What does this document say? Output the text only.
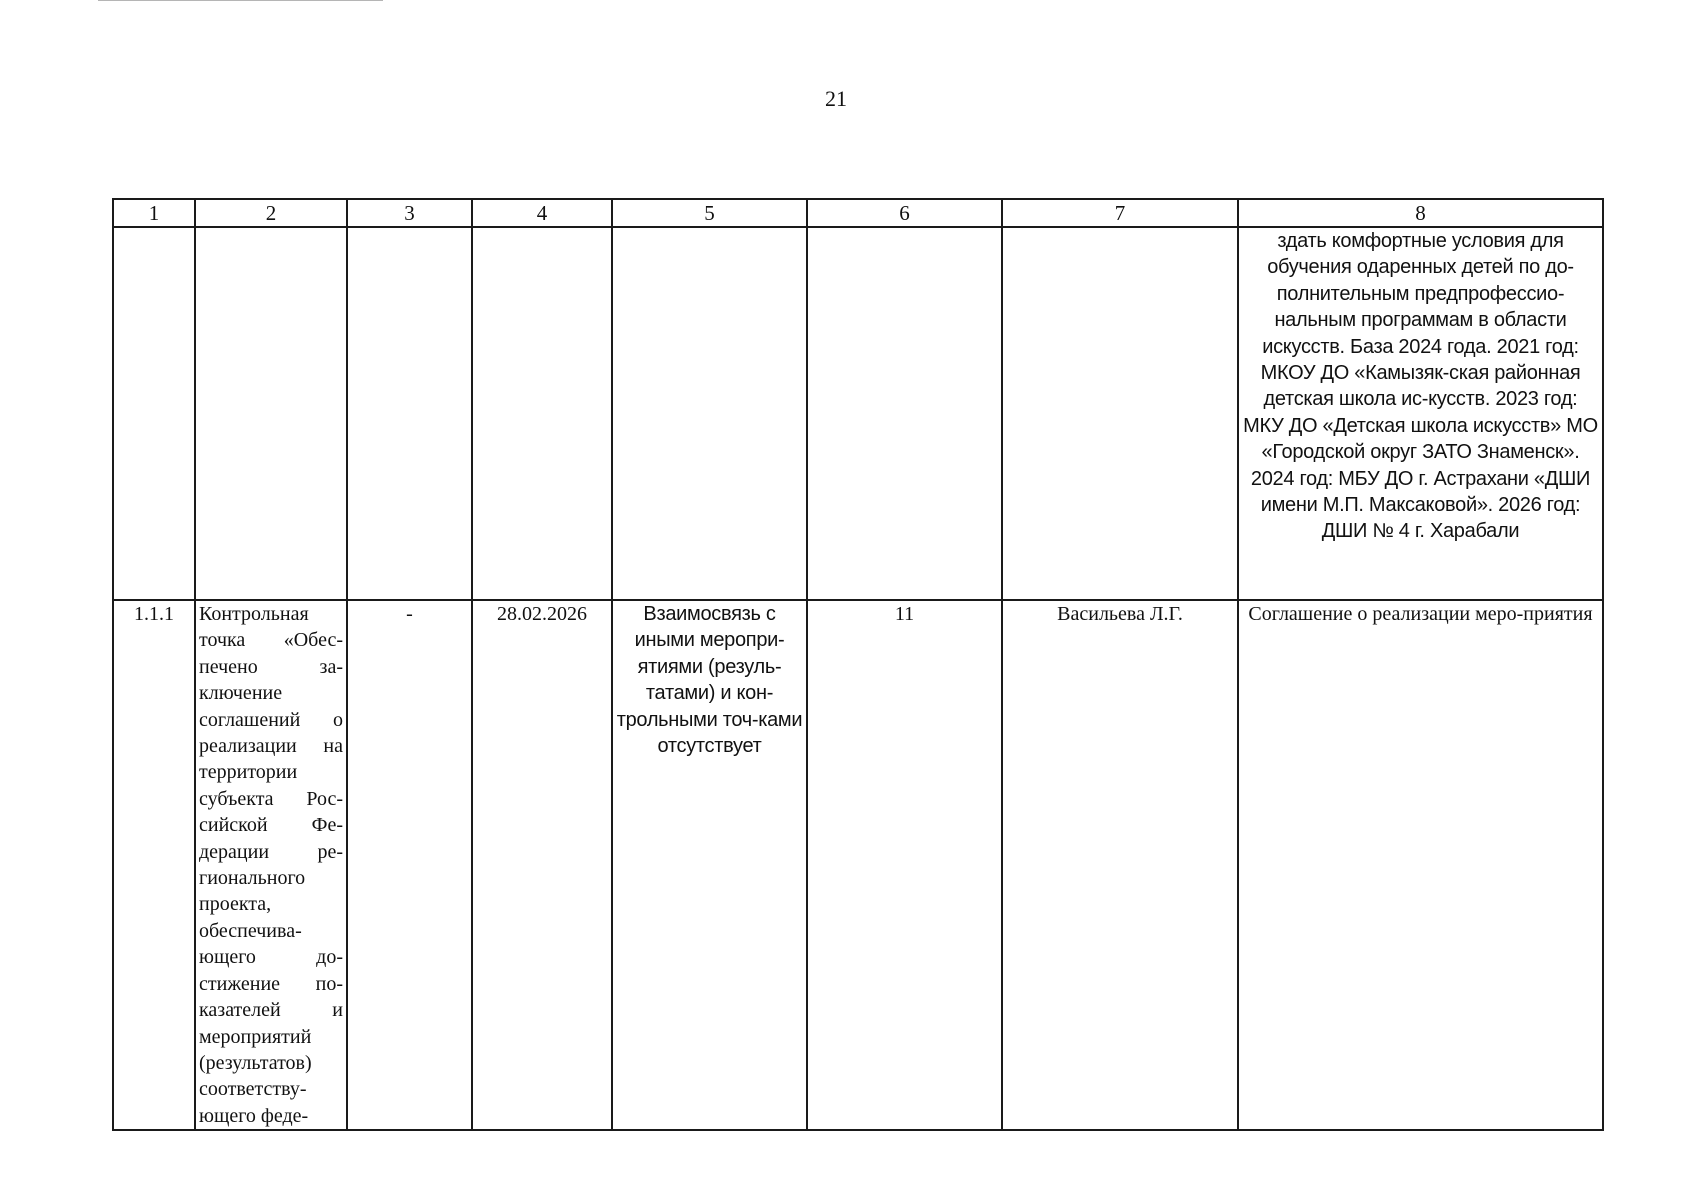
21
1	2	3	4	5	6	7	8
							здать комфортные условия для обучения одаренных детей по до-полнительным предпрофессио-нальным программам в области искусств. База 2024 года. 2021 год: МКОУ ДО «Камызяк-ская районная детская школа ис-кусств. 2023 год: МКУ ДО «Детская школа искусств» МО «Городской округ ЗАТО Знаменск». 2024 год: МБУ ДО г. Астрахани «ДШИ имени М.П. Максаковой». 2026 год: ДШИ № 4 г. Харабали
1.1.1	Контрольная точка «Обес-печено за-ключение соглашений о реализации на территории субъекта Рос-сийской Фе-дерации ре-гионального проекта, обеспечива-ющего до-стижение по-казателей и мероприятий (результатов) соответству-ющего феде-	-	28.02.2026	Взаимосвязь с иными меропри-ятиями (резуль-татами) и кон-трольными точ-ками отсутствует	11	Васильева Л.Г.	Соглашение о реализации меро-приятия
